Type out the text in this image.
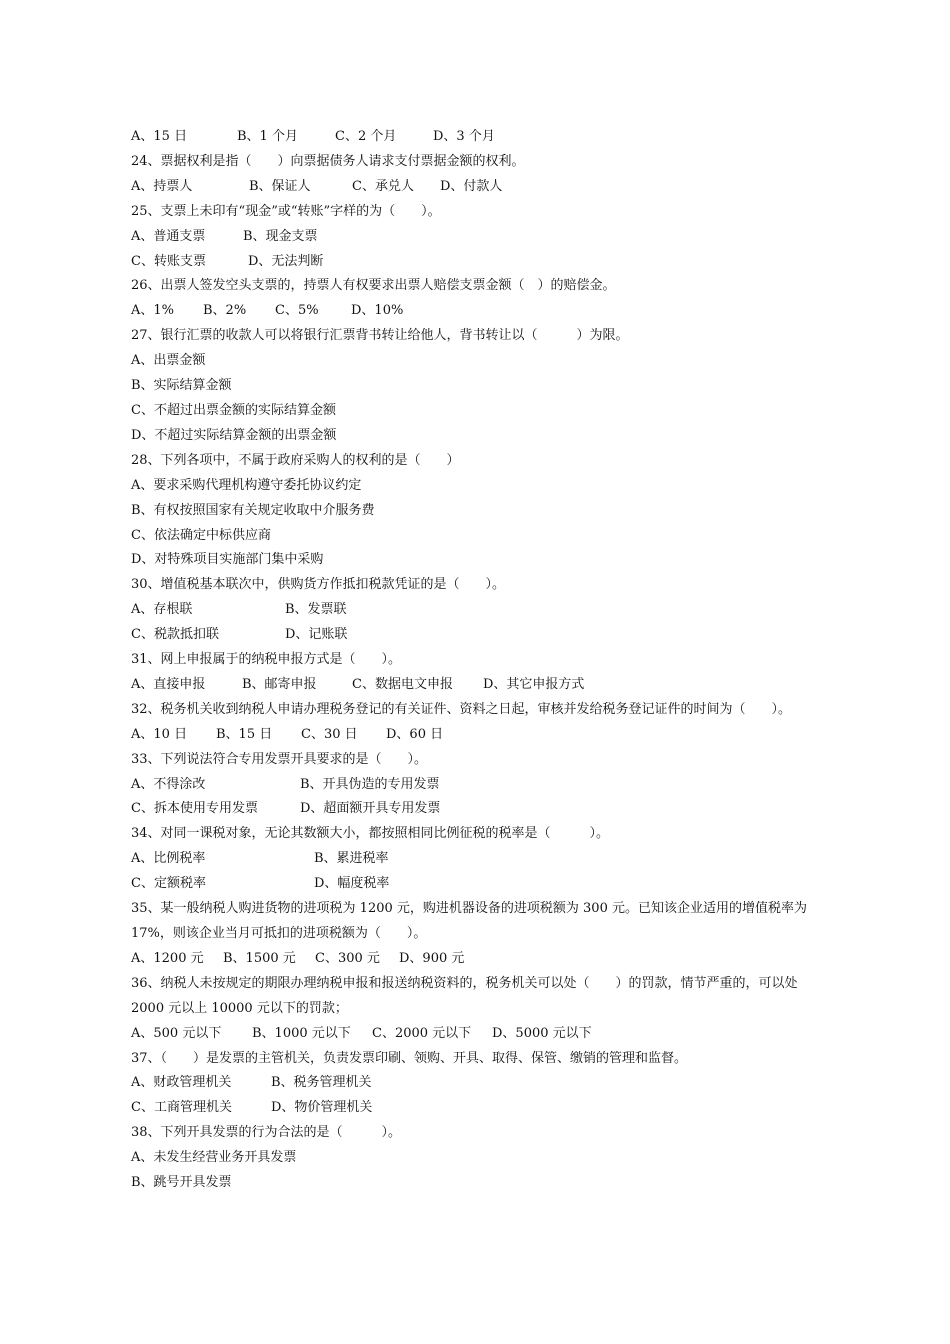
A、15 日	B、1 个月	C、2 个月	D、3 个月
24、票据权利是指（　　）向票据债务人请求支付票据金额的权利。
A、持票人	B、保证人	C、承兑人	D、付款人
25、支票上未印有“现金”或“转账”字样的为（　　）。
A、普通支票	B、现金支票
C、转账支票	D、无法判断
26、出票人签发空头支票的，持票人有权要求出票人赔偿支票金额（　）的赔偿金。
A、1%	B、2%	C、5%	D、10%
27、银行汇票的收款人可以将银行汇票背书转让给他人，背书转让以（　　　）为限。
A、出票金额
B、实际结算金额
C、不超过出票金额的实际结算金额
D、不超过实际结算金额的出票金额
28、下列各项中，不属于政府采购人的权利的是（　　）
A、要求采购代理机构遵守委托协议约定
B、有权按照国家有关规定收取中介服务费
C、依法确定中标供应商
D、对特殊项目实施部门集中采购
30、增值税基本联次中，供购货方作抵扣税款凭证的是（　　）。
A、存根联	B、发票联
C、税款抵扣联	D、记账联
31、网上申报属于的纳税申报方式是（　　）。
A、直接申报	B、邮寄申报	C、数据电文申报	D、其它申报方式
32、税务机关收到纳税人申请办理税务登记的有关证件、资料之日起，审核并发给税务登记证件的时间为（　　）。
A、10 日	B、15 日	C、30 日	D、60 日
33、下列说法符合专用发票开具要求的是（　　）。
A、不得涂改	B、开具伪造的专用发票
C、拆本使用专用发票	D、超面额开具专用发票
34、对同一课税对象，无论其数额大小，都按照相同比例征税的税率是（　　　）。
A、比例税率	B、累进税率
C、定额税率	D、幅度税率
35、某一般纳税人购进货物的进项税为 1200 元，购进机器设备的进项税额为 300 元。已知该企业适用的增值税率为 17%，则该企业当月可抵扣的进项税额为（　　）。
A、1200 元	B、1500 元	C、300 元	D、900 元
36、纳税人未按规定的期限办理纳税申报和报送纳税资料的，税务机关可以处（　　）的罚款，情节严重的，可以处 2000 元以上 10000 元以下的罚款；
A、500 元以下	B、1000 元以下	C、2000 元以下	D、5000 元以下
37、（　　）是发票的主管机关，负责发票印刷、领购、开具、取得、保管、缴销的管理和监督。
A、财政管理机关	B、税务管理机关
C、工商管理机关	D、物价管理机关
38、下列开具发票的行为合法的是（　　　）。
A、未发生经营业务开具发票
B、跳号开具发票
